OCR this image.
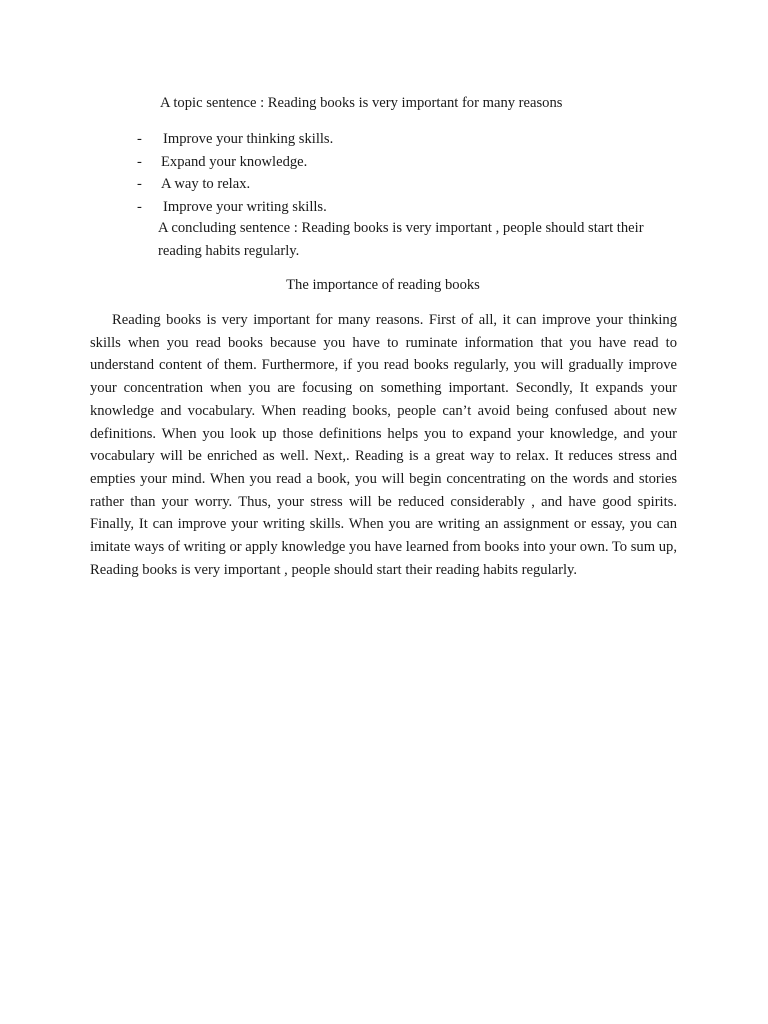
A topic sentence : Reading books is very important for many reasons
- Improve your thinking skills.
- Expand your knowledge.
- A way to relax.
- Improve your writing skills.

A concluding sentence : Reading books is very important , people should start their reading habits regularly.

The importance of reading books

Reading books is very important for many reasons. First of all, it can improve your thinking skills when you read books because you have to ruminate information that you have read to understand content of them. Furthermore, if you read books regularly, you will gradually improve your concentration when you are focusing on something important. Secondly, It expands your knowledge and vocabulary. When reading books, people can’t avoid being confused about new definitions. When you look up those definitions helps you to expand your knowledge, and your vocabulary will be enriched as well. Next,. Reading is a great way to relax. It reduces stress and empties your mind. When you read a book, you will begin concentrating on the words and stories rather than your worry. Thus, your stress will be reduced considerably , and have good spirits. Finally, It can improve your writing skills. When you are writing an assignment or essay, you can imitate ways of writing or apply knowledge you have learned from books into your own. To sum up, Reading books is very important , people should start their reading habits regularly.
